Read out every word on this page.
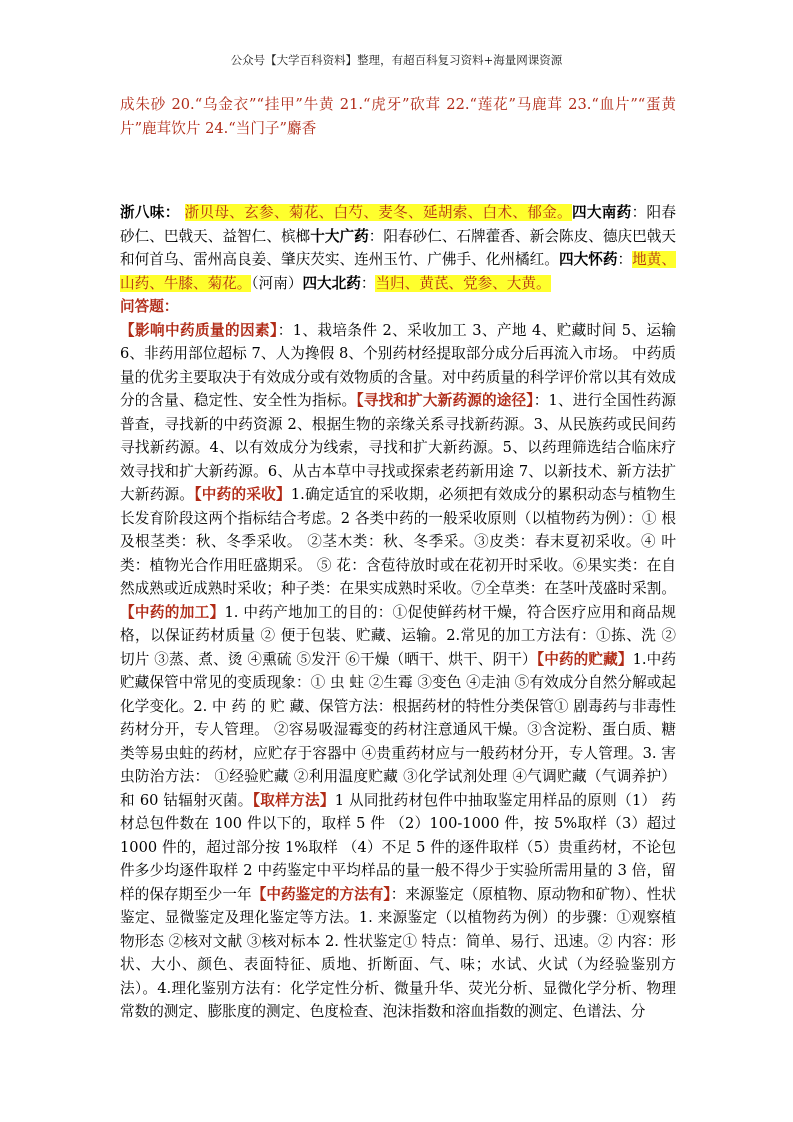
公众号【大学百科资料】整理，有超百科复习资料+海量网课资源
成朱砂 20.“乌金衣”“挂甲”牛黄 21.“虎牙”砍茸 22.“莲花”马鹿茸 23.“血片”“蛋黄片”鹿茸饮片 24.“当门子”麝香
浙八味： 浙贝母、玄参、菊花、白芍、麦冬、延胡索、白术、郁金。四大南药：阳春砂仁、巴戟天、益智仁、槟榔十大广药：阳春砂仁、石牌藿香、新会陈皮、德庆巴戟天和何首乌、雷州高良姜、肇庆芡实、连州玉竹、广佛手、化州橘红。四大怀药：地黄、山药、牛膝、菊花。（河南）四大北药：当归、黄芪、党参、大黄。
问答题：
【影响中药质量的因素】：1、栽培条件 2、采收加工 3、产地 4、贮藏时间 5、运输 6、非药用部位超标 7、人为搀假 8、个别药材经提取部分成分后再流入市场。 中药质量的优劣主要取决于有效成分或有效物质的含量。对中药质量的科学评价常以其有效成分的含量、稳定性、安全性为指标。【寻找和扩大新药源的途径】：1、进行全国性药源普查，寻找新的中药资源 2、根据生物的亲缘关系寻找新药源。3、从民族药或民间药寻找新药源。4、以有效成分为线索，寻找和扩大新药源。5、以药理筛选结合临床疗效寻找和扩大新药源。6、从古本草中寻找或探索老药新用途 7、以新技术、新方法扩大新药源。【中药的采收】1.确定适宜的采收期，必须把有效成分的累积动态与植物生长发育阶段这两个指标结合考虑。2 各类中药的一般采收原则（以植物药为例）：① 根及根茎类：秋、冬季采收。 ②茎木类：秋、冬季采。③皮类：春末夏初采收。④ 叶类：植物光合作用旺盛期采。 ⑤ 花：含苞待放时或在花初开时采收。⑥果实类：在自然成熟或近成熟时采收；种子类：在果实成熟时采收。⑦全草类：在茎叶茂盛时采割。【中药的加工】1. 中药产地加工的目的：①促使鲜药材干燥，符合医疗应用和商品规格，以保证药材质量 ② 便于包装、贮藏、运输。2.常见的加工方法有：①拣、洗 ② 切片 ③蒸、煮、烫 ④熏硫 ⑤发汗 ⑥干燥（晒干、烘干、阴干）【中药的贮藏】1.中药贮藏保管中常见的变质现象：① 虫 蛀 ②生霉 ③变色 ④走油 ⑤有效成分自然分解或起化学变化。2. 中 药 的 贮 藏、保管方法：根据药材的特性分类保管① 剧毒药与非毒性药材分开，专人管理。 ②容易吸湿霉变的药材注意通风干燥。③含淀粉、蛋白质、糖类等易虫蛀的药材，应贮存于容器中 ④贵重药材应与一般药材分开，专人管理。3. 害虫防治方法： ①经验贮藏 ②利用温度贮藏 ③化学试剂处理 ④气调贮藏（气调养护）和 60 钴辐射灭菌。【取样方法】1 从同批药材包件中抽取鉴定用样品的原则（1） 药材总包件数在 100 件以下的，取样 5 件 （2）100-1000 件，按 5%取样（3）超过 1000 件的，超过部分按 1%取样 （4）不足 5 件的逐件取样（5）贵重药材，不论包件多少均逐件取样 2 中药鉴定中平均样品的量一般不得少于实验所需用量的 3 倍，留样的保存期至少一年【中药鉴定的方法有】：来源鉴定（原植物、原动物和矿物）、性状鉴定、显微鉴定及理化鉴定等方法。1. 来源鉴定（以植物药为例）的步骤：①观察植物形态 ②核对文献 ③核对标本 2. 性状鉴定① 特点：简单、易行、迅速。② 内容：形状、大小、颜色、表面特征、质地、折断面、气、味；水试、火试（为经验鉴别方法）。4.理化鉴别方法有：化学定性分析、微量升华、荧光分析、显微化学分析、物理常数的测定、膨胀度的测定、色度检查、泡沫指数和溶血指数的测定、色谱法、分
